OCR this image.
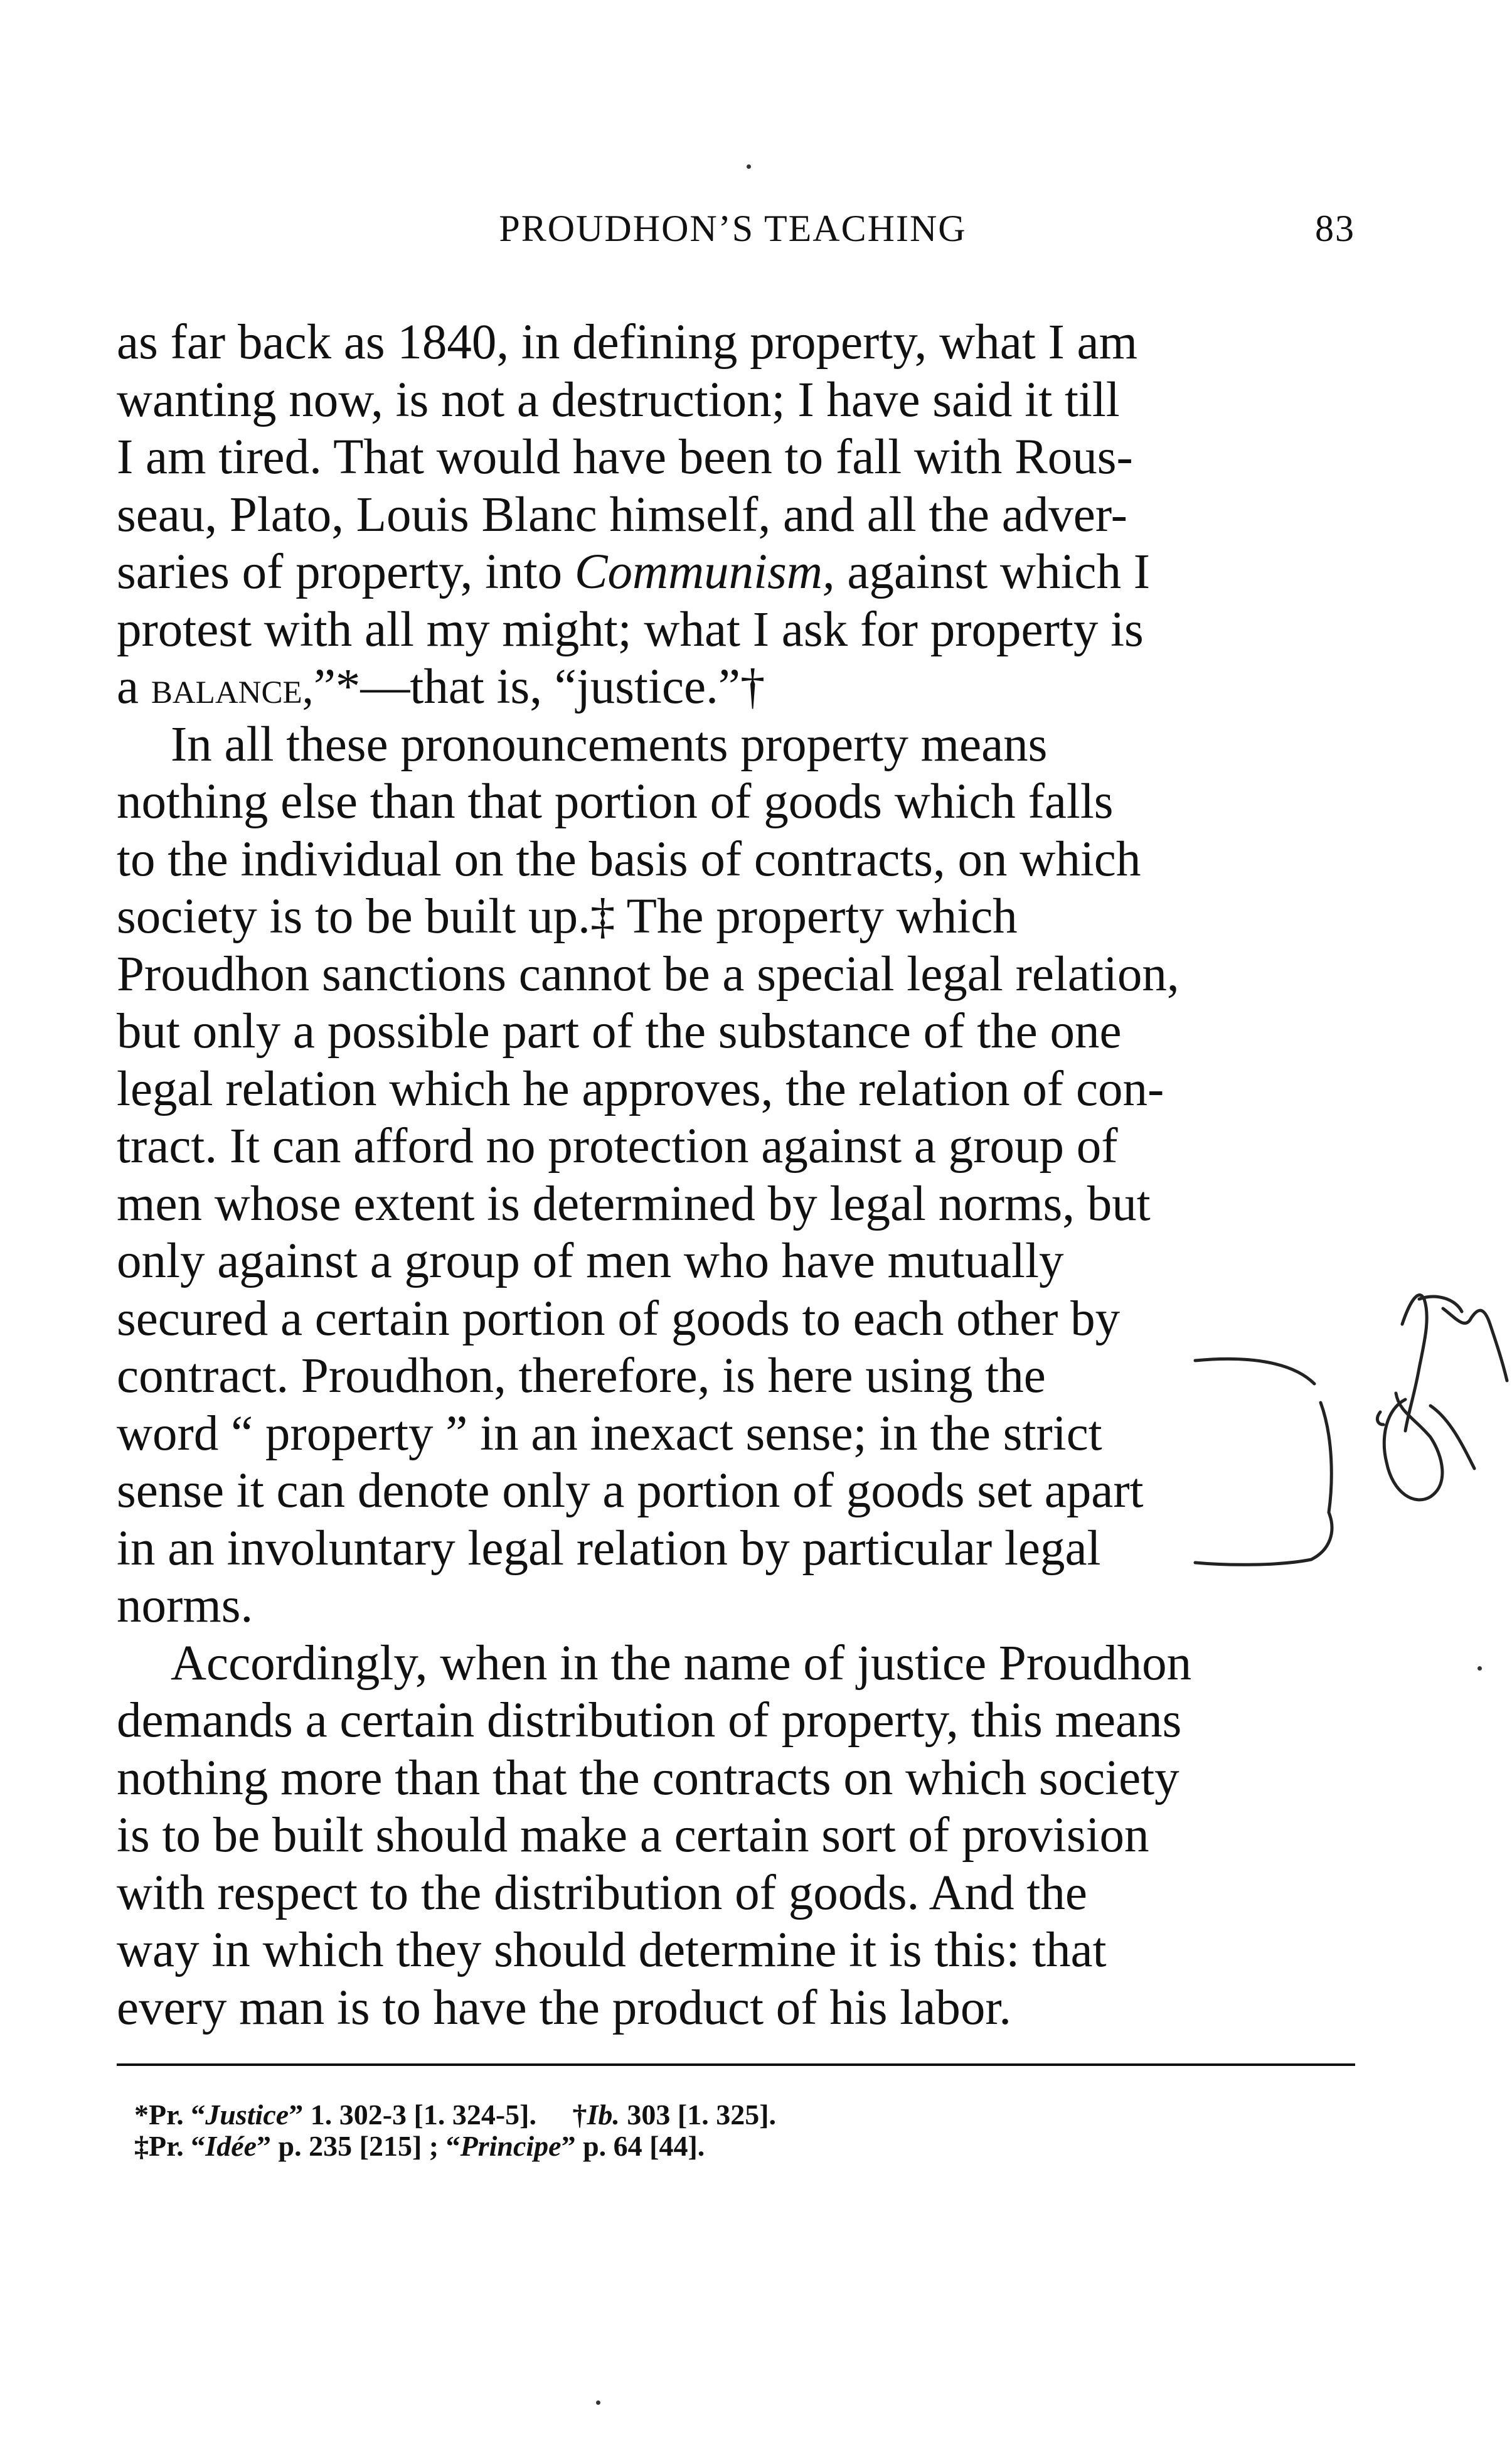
PROUDHON’S TEACHING	83
as far back as 1840, in defining property, what I am
wanting now, is not a destruction; I have said it till
I am tired. That would have been to fall with Rous-
seau, Plato, Louis Blanc himself, and all the adver-
saries of property, into Communism, against which I
protest with all my might; what I ask for property is
a balance,”*—that is, “justice.”†
In all these pronouncements property means
nothing else than that portion of goods which falls
to the individual on the basis of contracts, on which
society is to be built up.‡ The property which
Proudhon sanctions cannot be a special legal relation,
but only a possible part of the substance of the one
legal relation which he approves, the relation of con-
tract. It can afford no protection against a group of
men whose extent is determined by legal norms, but
only against a group of men who have mutually
secured a certain portion of goods to each other by
contract. Proudhon, therefore, is here using the
word “ property ” in an inexact sense; in the strict
sense it can denote only a portion of goods set apart
in an involuntary legal relation by particular legal
norms.
Accordingly, when in the name of justice Proudhon
demands a certain distribution of property, this means
nothing more than that the contracts on which society
is to be built should make a certain sort of provision
with respect to the distribution of goods. And the
way in which they should determine it is this: that
every man is to have the product of his labor.
*Pr. “Justice” 1. 302-3 [1. 324-5].     †Ib. 303 [1. 325].
‡Pr. “Idée” p. 235 [215] ; “Principe” p. 64 [44].
